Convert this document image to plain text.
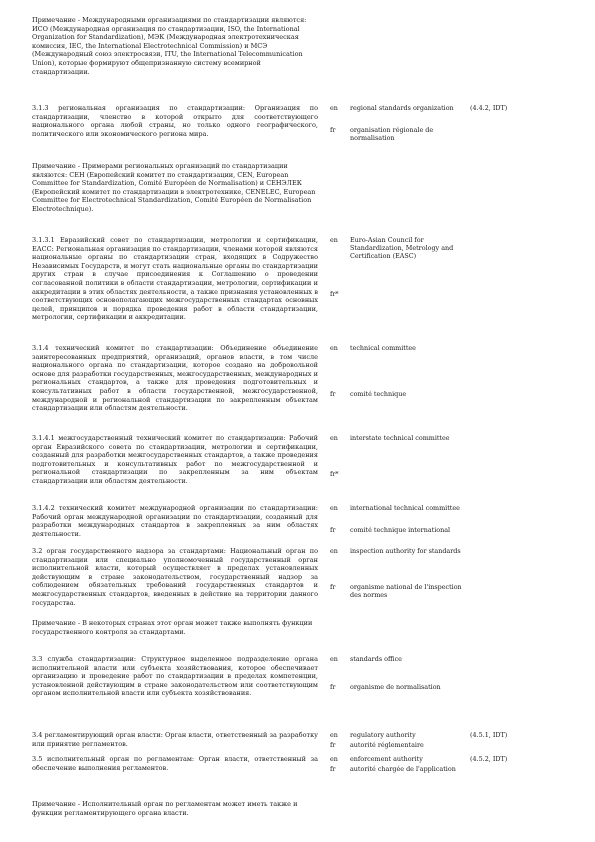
Примечание - Международными организациями по стандартизации являются: ИСО (Международная организация по стандартизации, ISO, the International Organization for Standardization), МЭК (Международная электротехническая комиссия, IEC, the International Electrotechnical Commission) и МСЭ (Международный союз электросвязи, ITU, the International Telecommunication Union), которые формируют общепризнанную систему всемирной стандартизации.
3.1.3 региональная организация по стандартизации: Организация по стандартизации, членство в которой открыто для соответствующего национального органа любой страны, но только одного географического, политического или экономического региона мира.
en	regional standards organization	(4.4.2, IDT)
fr	organisation régionale de normalisation
Примечание - Примерами региональных организаций по стандартизации являются: СЕН (Европейский комитет по стандартизации, CEN, European Committee for Standardization, Comité Européen de Normalisation) и СЕНЭЛЕК (Европейский комитет по стандартизации в электротехнике, CENELEC, European Committee for Electrotechnical Standardization, Comité Européen de Normalisation Electrotechnique).
3.1.3.1 Евразийский совет по стандартизации, метрологии и сертификации, ЕАСС: Региональная организация по стандартизации, членами которой являются национальные органы по стандартизации стран, входящих в Содружество Независимых Государств, и могут стать национальные органы по стандартизации других стран в случае присоединения к Соглашению о проведении согласованной политики в области стандартизации, метрологии, сертификации и аккредитации в этих областях деятельности, а также признания установленных в соответствующих основополагающих межгосударственных стандартах основных целей, принципов и порядка проведения работ в области стандартизации, метрологии, сертификации и аккредитации.
en	Euro-Asian Council for Standardization, Metrology and Certification (EASC)
fr*
3.1.4 технический комитет по стандартизации: Объединение объединение заинтересованных предприятий, организаций, органов власти, в том числе национального органа по стандартизации, которое создано на добровольной основе для разработки государственных, межгосударственных, международных и региональных стандартов, а также для проведения подготовительных и консультативных работ в области государственной, межгосударственной, международной и региональной стандартизации по закрепленным объектам стандартизации или областям деятельности.
en	technical committee
fr	comité technique
3.1.4.1 межгосударственный технический комитет по стандартизации: Рабочий орган Евразийского совета по стандартизации, метрологии и сертификации, созданный для разработки межгосударственных стандартов, а также проведения подготовительных и консультативных работ по межгосударственной и региональной стандартизации по закрепленным за ним объектам стандартизации или областям деятельности.
en	interstate technical committee
fr*
3.1.4.2 технический комитет международной организации по стандартизации: Рабочий орган международной организации по стандартизации, созданный для разработки международных стандартов в закрепленных за ним областях деятельности.
en	international technical committee
fr	comité technique international
3.2 орган государственного надзора за стандартами: Национальный орган по стандартизации или специально уполномоченный государственный орган исполнительной власти, который осуществляет в пределах установленных действующим в стране законодательством, государственный надзор за соблюдением обязательных требований государственных стандартов и межгосударственных стандартов, введенных в действие на территории данного государства.
en	inspection authority for standards
fr	organisme national de l'inspection des normes
Примечание - В некоторых странах этот орган может также выполнять функции государственного контроля за стандартами.
3.3 служба стандартизации: Структурное выделенное подразделение органа исполнительной власти или субъекта хозяйствования, которое обеспечивает организацию и проведение работ по стандартизации в пределах компетенции, установленной действующим в стране законодательством или соответствующим органом исполнительной власти или субъекта хозяйствования.
en	standards office
fr	organisme de normalisation
3.4 регламентирующий орган власти: Орган власти, ответственный за разработку или принятие регламентов.
en	regulatory authority	(4.5.1, IDT)
fr	autorité réglementaire
3.5 исполнительный орган по регламентам: Орган власти, ответственный за обеспечение выполнения регламентов.
en	enforcement authority	(4.5.2, IDT)
fr	autorité chargée de l'application
Примечание - Исполнительный орган по регламентам может иметь также и функции регламентирующего органа власти.
